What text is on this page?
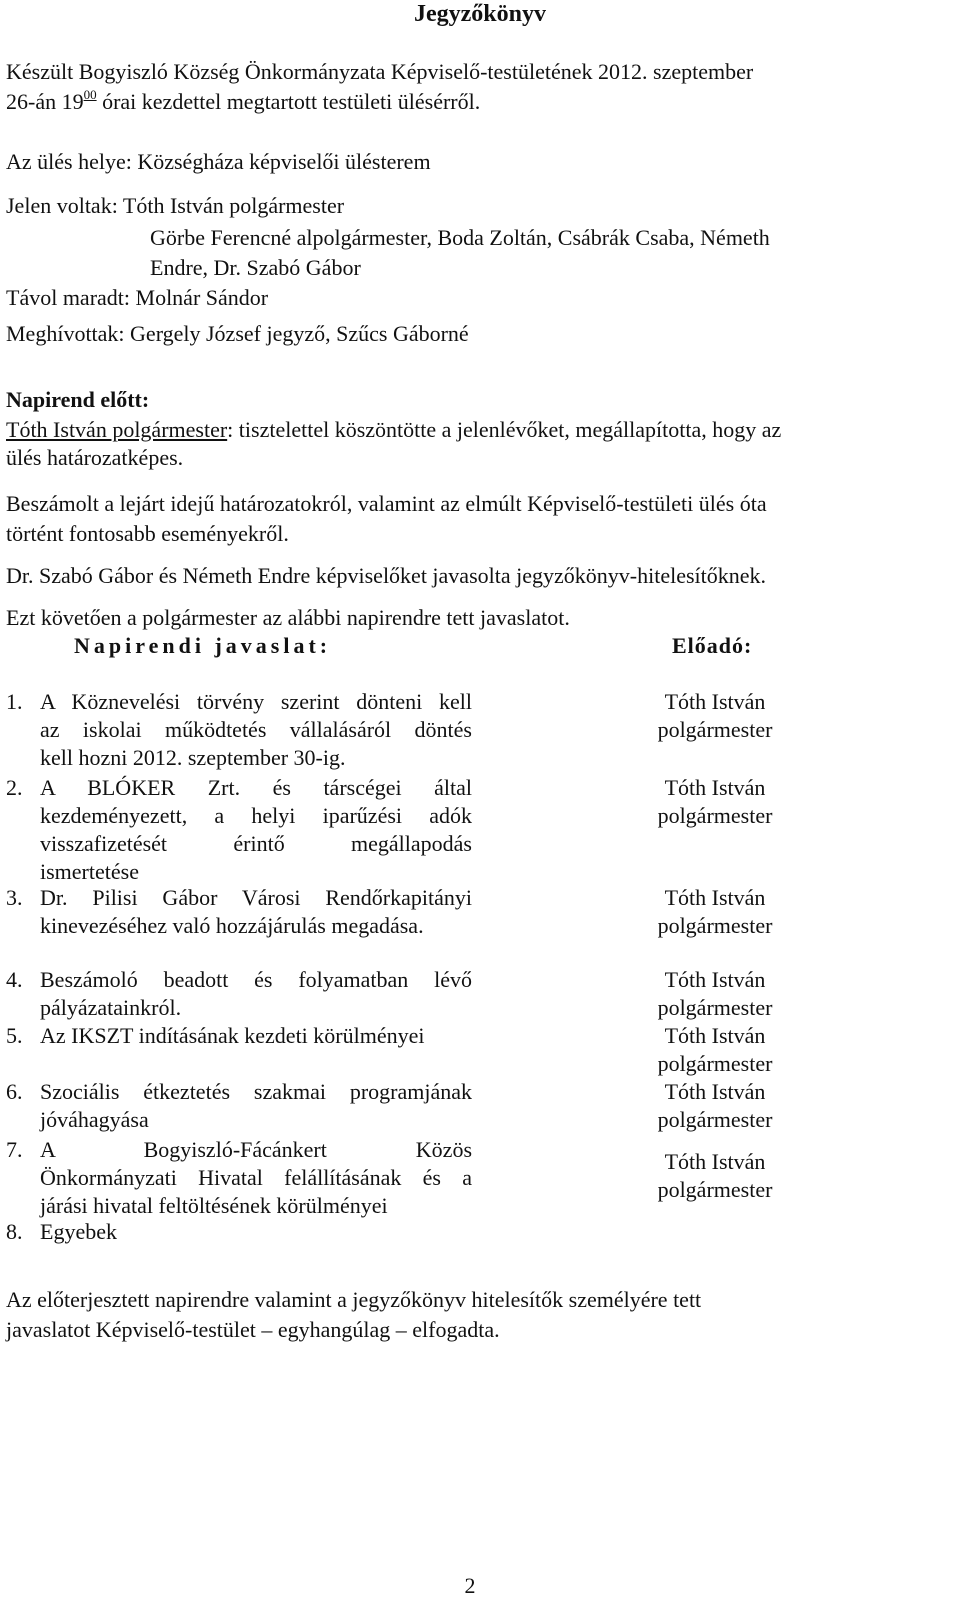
Jegyzőkönyv
Készült Bogyiszló Község Önkormányzata Képviselő-testületének 2012. szeptember
26-án $19^{00}$ órai kezdettel megtartott testületi ülésérről.
Az ülés helye: Községháza képviselői ülésterem
Jelen voltak: Tóth István polgármester
Görbe Ferencné alpolgármester, Boda Zoltán, Csábrák Csaba, Németh
Endre, Dr. Szabó Gábor
Távol maradt: Molnár Sándor
Meghívottak: Gergely József jegyző, Szűcs Gáborné
Napirend előtt:
Tóth István polgármester: tisztelettel köszöntötte a jelenlévőket, megállapította, hogy az
ülés határozatképes.
Beszámolt a lejárt idejű határozatokról, valamint az elmúlt Képviselő-testületi ülés óta
történt fontosabb eseményekről.
Dr. Szabó Gábor és Németh Endre képviselőket javasolta jegyzőkönyv-hitelesítőknek.
Ezt követően a polgármester az alábbi napirendre tett javaslatot.
Napirendi javaslat:	Előadó:
1. A Köznevelési törvény szerint dönteni kell
az iskolai működtetés vállalásáról döntés
kell hozni 2012. szeptember 30-ig.
Tóth István
polgármester
2. A BLÓKER Zrt. és társcégei által
kezdeményezett, a helyi iparűzési adók
visszafizetését érintő megállapodás
ismertetése
Tóth István
polgármester
3. Dr. Pilisi Gábor Városi Rendőrkapitányi
kinevezéséhez való hozzájárulás megadása.
Tóth István
polgármester
4. Beszámoló beadott és folyamatban lévő
pályázatainkról.
Tóth István
polgármester
5. Az IKSZT indításának kezdeti körülményei	Tóth István
polgármester
6. Szociális étkeztetés szakmai programjának
jóváhagyása
Tóth István
polgármester
7. A Bogyiszló-Fácánkert Közös
Önkormányzati Hivatal felállításának és a
járási hivatal feltöltésének körülményei
Tóth István
polgármester
8. Egyebek
Az előterjesztett napirendre valamint a jegyzőkönyv hitelesítők személyére tett
javaslatot Képviselő-testület – egyhangúlag – elfogadta.
2
